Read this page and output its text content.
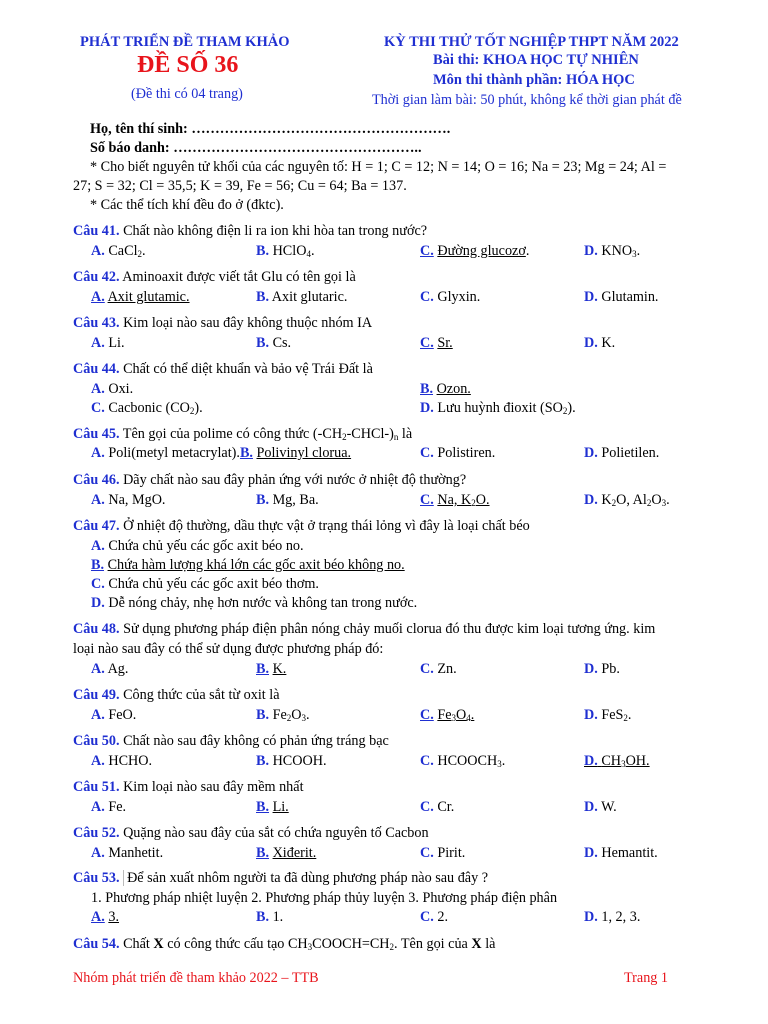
PHÁT TRIỂN ĐỀ THAM KHẢO
ĐỀ SỐ 36
(Đề thi có 04 trang)
KỲ THI THỬ TỐT NGHIỆP THPT NĂM 2022
Bài thi: KHOA HỌC TỰ NHIÊN
Môn thi thành phần: HÓA HỌC
Thời gian làm bài: 50 phút, không kể thời gian phát đề
Họ, tên thí sinh: ……………………………………………….
Số báo danh: ……………………………………………..
* Cho biết nguyên tử khối của các nguyên tố: H = 1; C = 12; N = 14; O = 16; Na = 23; Mg = 24; Al =
27; S = 32; Cl = 35,5; K = 39, Fe = 56; Cu = 64; Ba = 137.
* Các thể tích khí đều đo ở (đktc).
Câu 41. Chất nào không điện li ra ion khi hòa tan trong nước?
A. CaCl$_2$.	B. HClO$_4$.	C. Đường glucozơ.	D. $KNO_3$.
Câu 42. Aminoaxit được viết tắt Glu có tên gọi là
A. Axit glutamic.	B. Axit glutaric.	C. Glyxin.	D. Glutamin.
Câu 43. Kim loại nào sau đây không thuộc nhóm IA
A. Li.	B. Cs.	C. Sr.	D. K.
Câu 44. Chất có thể diệt khuẩn và bảo vệ Trái Đất là
A. Oxi.	B. Ozon.
C. Cacbonic $(CO_2)$.	D. Lưu huỳnh đioxit $(SO_2)$.
Câu 45. Tên gọi của polime có công thức $(-CH_2-CHCl-)_n$ là
A. Poli(metyl metacrylat).B. Polivinyl clorua.	C. Polistiren.	D. Polietilen.
Câu 46. Dãy chất nào sau đây phản ứng với nước ở nhiệt độ thường?
A. Na, MgO.	B. Mg, Ba.	C. Na, $K_2O$.	D. $K_2O$, $Al_2O_3$.
Câu 47. Ở nhiệt độ thường, dầu thực vật ở trạng thái lỏng vì đây là loại chất béo
A. Chứa chủ yếu các gốc axit béo no.
B. Chứa hàm lượng khá lớn các gốc axit béo không no.
C. Chứa chủ yếu các gốc axit béo thơm.
D. Dễ nóng chảy, nhẹ hơn nước và không tan trong nước.
Câu 48. Sử dụng phương pháp điện phân nóng chảy muối clorua đó thu được kim loại tương ứng. kim
loại nào sau đây có thể sử dụng được phương pháp đó:
A. Ag.	B. K.	C. Zn.	D. Pb.
Câu 49. Công thức của sắt từ oxit là
A. FeO.	B. $Fe_2O_3$.	C. $Fe_3O_4$.	D. FeS$_2$.
Câu 50. Chất nào sau đây không có phản ứng tráng bạc
A. HCHO.	B. HCOOH.	C. $HCOOCH_3$.	D. $CH_3OH$.
Câu 51. Kim loại nào sau đây mềm nhất
A. Fe.	B. Li.	C. Cr.	D. W.
Câu 52. Quặng nào sau đây của sắt có chứa nguyên tố Cacbon
A. Manhetit.	B. Xiđerit.	C. Pirit.	D. Hemantit.
Câu 53. Để sản xuất nhôm người ta đã dùng phương pháp nào sau đây ?
1. Phương pháp nhiệt luyện 2. Phương pháp thủy luyện 3. Phương pháp điện phân
A. 3.	B. 1.	C. 2.	D. 1, 2, 3.
Câu 54. Chất X có công thức cấu tạo $CH_3COOCH=CH_2$. Tên gọi của X là
Nhóm phát triển đề tham khảo 2022 – TTB	Trang 1
